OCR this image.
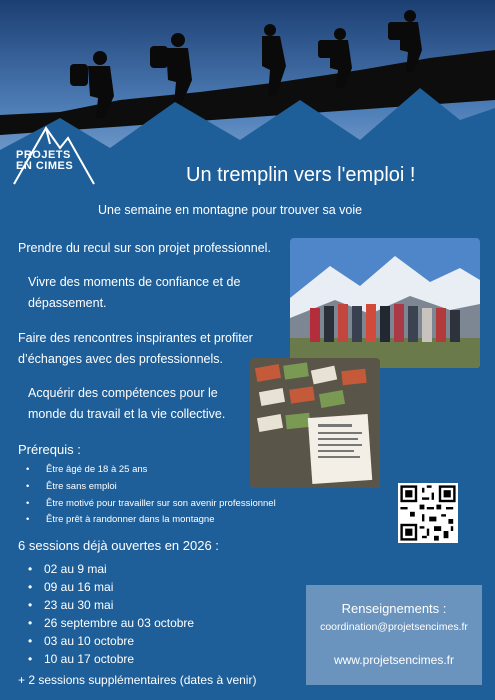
PROJETS EN CIMES	Un tremplin vers l'emploi !
Une semaine en montagne pour trouver sa voie
Prendre du recul sur son projet professionnel.
Vivre des moments de confiance et de dépassement.
Faire des rencontres inspirantes et profiter d’échanges avec des professionnels.
Acquérir des compétences pour le monde du travail et la vie collective.
Prérequis :
• Être âgé de 18 à 25 ans
• Être sans emploi
• Être motivé pour travailler sur son avenir professionnel
• Être prêt à randonner dans la montagne
6 sessions déjà ouvertes en 2026 :
• 02 au 9 mai
• 09 au 16 mai
• 23 au 30 mai
• 26 septembre au 03 octobre
• 03 au 10 octobre
• 10 au 17 octobre
+ 2 sessions supplémentaires (dates à venir)
Renseignements :
coordination@projetsencimes.fr
www.projetsencimes.fr
